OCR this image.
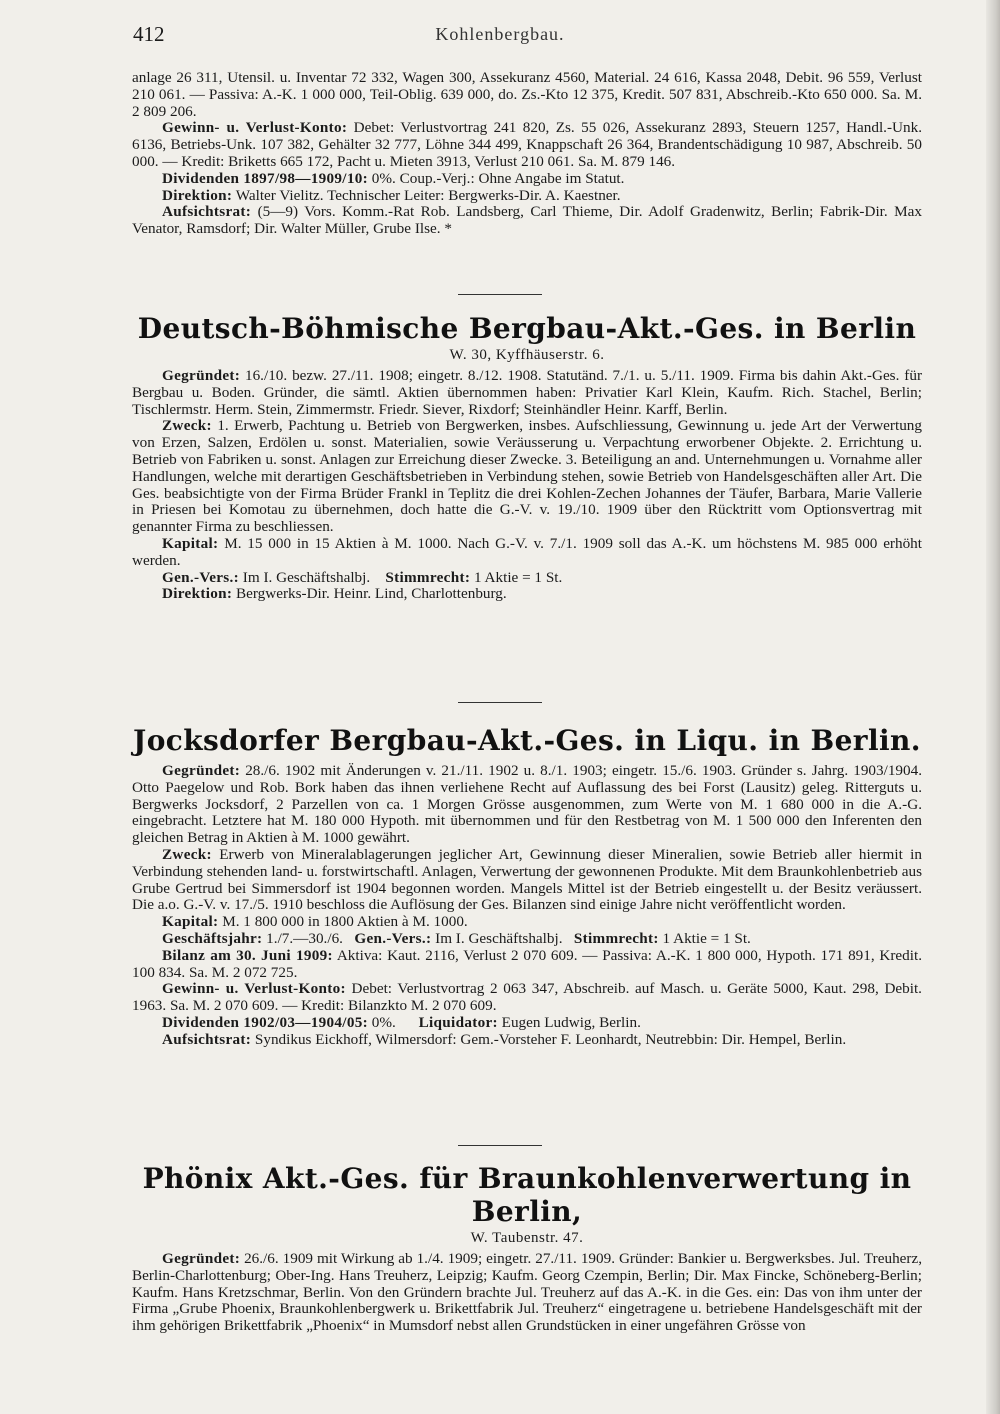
412	Kohlenbergbau.

anlage 26 311, Utensil. u. Inventar 72 332, Wagen 300, Assekuranz 4560, Material. 24 616, Kassa 2048, Debit. 96 559, Verlust 210 061. — Passiva: A.-K. 1 000 000, Teil-Oblig. 639 000, do. Zs.-Kto 12 375, Kredit. 507 831, Abschreib.-Kto 650 000. Sa. M. 2 809 206.

Gewinn- u. Verlust-Konto: Debet: Verlustvortrag 241 820, Zs. 55 026, Assekuranz 2893, Steuern 1257, Handl.-Unk. 6136, Betriebs-Unk. 107 382, Gehälter 32 777, Löhne 344 499, Knappschaft 26 364, Brandentschädigung 10 987, Abschreib. 50 000. — Kredit: Briketts 665 172, Pacht u. Mieten 3913, Verlust 210 061. Sa. M. 879 146.

Dividenden 1897/98—1909/10: 0%. Coup.-Verj.: Ohne Angabe im Statut.

Direktion: Walter Vielitz. Technischer Leiter: Bergwerks-Dir. A. Kaestner.

Aufsichtsrat: (5—9) Vors. Komm.-Rat Rob. Landsberg, Carl Thieme, Dir. Adolf Gradenwitz, Berlin; Fabrik-Dir. Max Venator, Ramsdorf; Dir. Walter Müller, Grube Ilse. *

Deutsch-Böhmische Bergbau-Akt.-Ges. in Berlin
W. 30, Kyffhäuserstr. 6.

Gegründet: 16./10. bezw. 27./11. 1908; eingetr. 8./12. 1908. Statutänd. 7./1. u. 5./11. 1909. Firma bis dahin Akt.-Ges. für Bergbau u. Boden. Gründer, die sämtl. Aktien übernommen haben: Privatier Karl Klein, Kaufm. Rich. Stachel, Berlin; Tischlermstr. Herm. Stein, Zimmermstr. Friedr. Siever, Rixdorf; Steinhändler Heinr. Karff, Berlin.

Zweck: 1. Erwerb, Pachtung u. Betrieb von Bergwerken, insbes. Aufschliessung, Gewinnung u. jede Art der Verwertung von Erzen, Salzen, Erdölen u. sonst. Materialien, sowie Veräusserung u. Verpachtung erworbener Objekte. 2. Errichtung u. Betrieb von Fabriken u. sonst. Anlagen zur Erreichung dieser Zwecke. 3. Beteiligung an and. Unternehmungen u. Vornahme aller Handlungen, welche mit derartigen Geschäftsbetrieben in Verbindung stehen, sowie Betrieb von Handelsgeschäften aller Art. Die Ges. beabsichtigte von der Firma Brüder Frankl in Teplitz die drei Kohlen-Zechen Johannes der Täufer, Barbara, Marie Vallerie in Priesen bei Komotau zu übernehmen, doch hatte die G.-V. v. 19./10. 1909 über den Rücktritt vom Optionsvertrag mit genannter Firma zu beschliessen.

Kapital: M. 15 000 in 15 Aktien à M. 1000. Nach G.-V. v. 7./1. 1909 soll das A.-K. um höchstens M. 985 000 erhöht werden.

Gen.-Vers.: Im I. Geschäftshalbj. Stimmrecht: 1 Aktie = 1 St.

Direktion: Bergwerks-Dir. Heinr. Lind, Charlottenburg.

Jocksdorfer Bergbau-Akt.-Ges. in Liqu. in Berlin.

Gegründet: 28./6. 1902 mit Änderungen v. 21./11. 1902 u. 8./1. 1903; eingetr. 15./6. 1903. Gründer s. Jahrg. 1903/1904. Otto Paegelow und Rob. Bork haben das ihnen verliehene Recht auf Auflassung des bei Forst (Lausitz) geleg. Ritterguts u. Bergwerks Jocksdorf, 2 Parzellen von ca. 1 Morgen Grösse ausgenommen, zum Werte von M. 1 680 000 in die A.-G. eingebracht. Letztere hat M. 180 000 Hypoth. mit übernommen und für den Restbetrag von M. 1 500 000 den Inferenten den gleichen Betrag in Aktien à M. 1000 gewährt.

Zweck: Erwerb von Mineralablagerungen jeglicher Art, Gewinnung dieser Mineralien, sowie Betrieb aller hiermit in Verbindung stehenden land- u. forstwirtschaftl. Anlagen, Verwertung der gewonnenen Produkte. Mit dem Braunkohlenbetrieb aus Grube Gertrud bei Simmersdorf ist 1904 begonnen worden. Mangels Mittel ist der Betrieb eingestellt u. der Besitz veräussert. Die a.o. G.-V. v. 17./5. 1910 beschloss die Auflösung der Ges. Bilanzen sind einige Jahre nicht veröffentlicht worden.

Kapital: M. 1 800 000 in 1800 Aktien à M. 1000.

Geschäftsjahr: 1./7.—30./6. Gen.-Vers.: Im I. Geschäftshalbj. Stimmrecht: 1 Aktie = 1 St.

Bilanz am 30. Juni 1909: Aktiva: Kaut. 2116, Verlust 2 070 609. — Passiva: A.-K. 1 800 000, Hypoth. 171 891, Kredit. 100 834. Sa. M. 2 072 725.

Gewinn- u. Verlust-Konto: Debet: Verlustvortrag 2 063 347, Abschreib. auf Masch. u. Geräte 5000, Kaut. 298, Debit. 1963. Sa. M. 2 070 609. — Kredit: Bilanzkto M. 2 070 609.

Dividenden 1902/03—1904/05: 0%. Liquidator: Eugen Ludwig, Berlin.

Aufsichtsrat: Syndikus Eickhoff, Wilmersdorf: Gem.-Vorsteher F. Leonhardt, Neutrebbin: Dir. Hempel, Berlin.

Phönix Akt.-Ges. für Braunkohlenverwertung in Berlin,
W. Taubenstr. 47.

Gegründet: 26./6. 1909 mit Wirkung ab 1./4. 1909; eingetr. 27./11. 1909. Gründer: Bankier u. Bergwerksbes. Jul. Treuherz, Berlin-Charlottenburg; Ober-Ing. Hans Treuherz, Leipzig; Kaufm. Georg Czempin, Berlin; Dir. Max Fincke, Schöneberg-Berlin; Kaufm. Hans Kretzschmar, Berlin. Von den Gründern brachte Jul. Treuherz auf das A.-K. in die Ges. ein: Das von ihm unter der Firma „Grube Phoenix, Braunkohlenbergwerk u. Brikettfabrik Jul. Treuherz“ eingetragene u. betriebene Handelsgeschäft mit der ihm gehörigen Brikettfabrik „Phoenix“ in Mumsdorf nebst allen Grundstücken in einer ungefähren Grösse von
